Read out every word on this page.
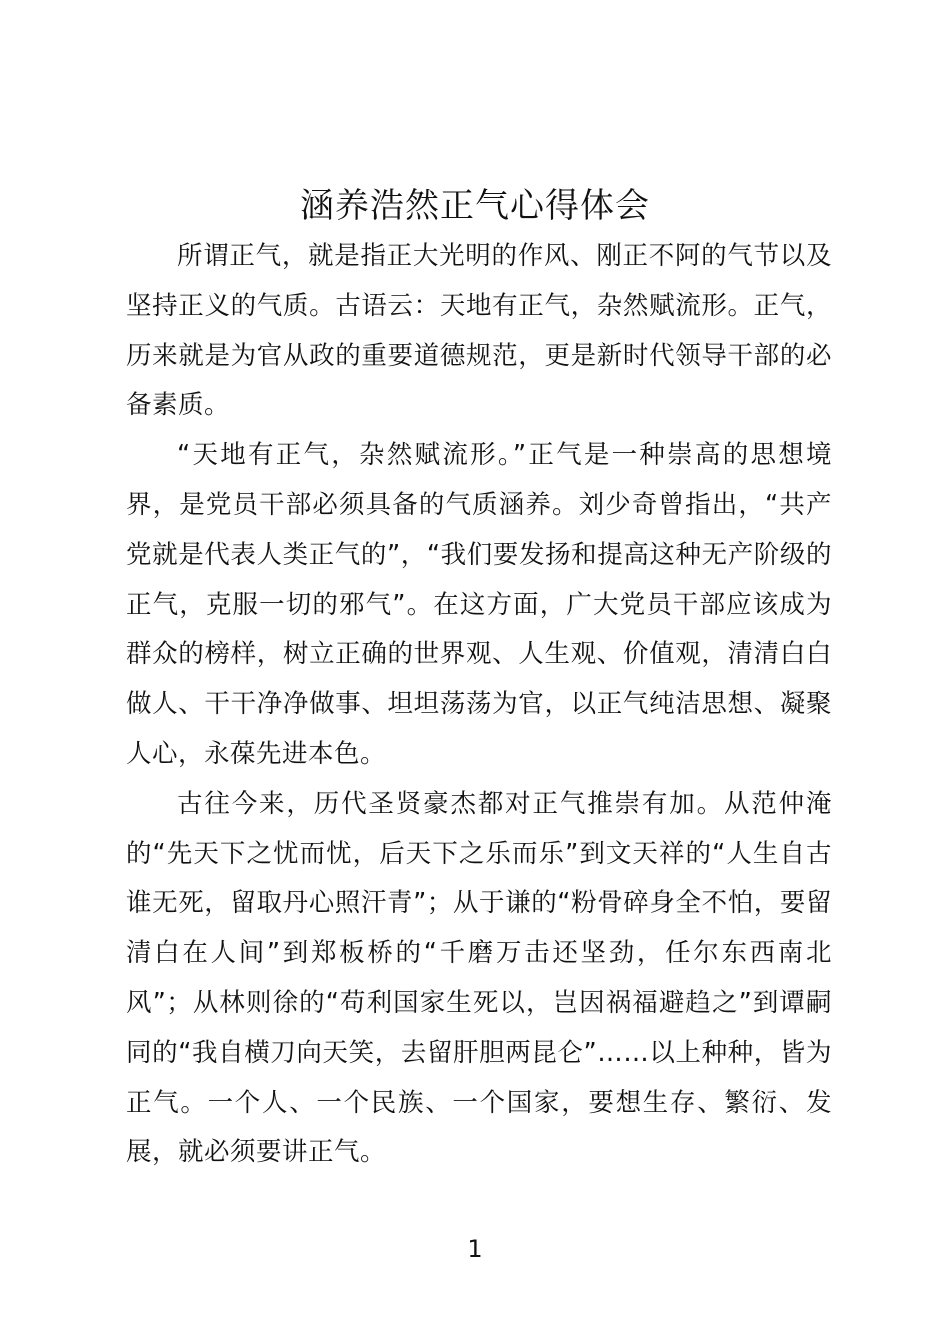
涵养浩然正气心得体会

所谓正气，就是指正大光明的作风、刚正不阿的气节以及坚持正义的气质。古语云：天地有正气，杂然赋流形。正气，历来就是为官从政的重要道德规范，更是新时代领导干部的必备素质。

“天地有正气，杂然赋流形。”正气是一种崇高的思想境界，是党员干部必须具备的气质涵养。刘少奇曾指出，“共产党就是代表人类正气的”，“我们要发扬和提高这种无产阶级的正气，克服一切的邪气”。在这方面，广大党员干部应该成为群众的榜样，树立正确的世界观、人生观、价值观，清清白白做人、干干净净做事、坦坦荡荡为官，以正气纯洁思想、凝聚人心，永葆先进本色。

古往今来，历代圣贤豪杰都对正气推崇有加。从范仲淹的“先天下之忧而忧，后天下之乐而乐”到文天祥的“人生自古谁无死，留取丹心照汗青”；从于谦的“粉骨碎身全不怕，要留清白在人间”到郑板桥的“千磨万击还坚劲，任尔东西南北风”；从林则徐的“苟利国家生死以，岂因祸福避趋之”到谭嗣同的“我自横刀向天笑，去留肝胆两昆仑”……以上种种，皆为正气。一个人、一个民族、一个国家，要想生存、繁衍、发展，就必须要讲正气。

1
